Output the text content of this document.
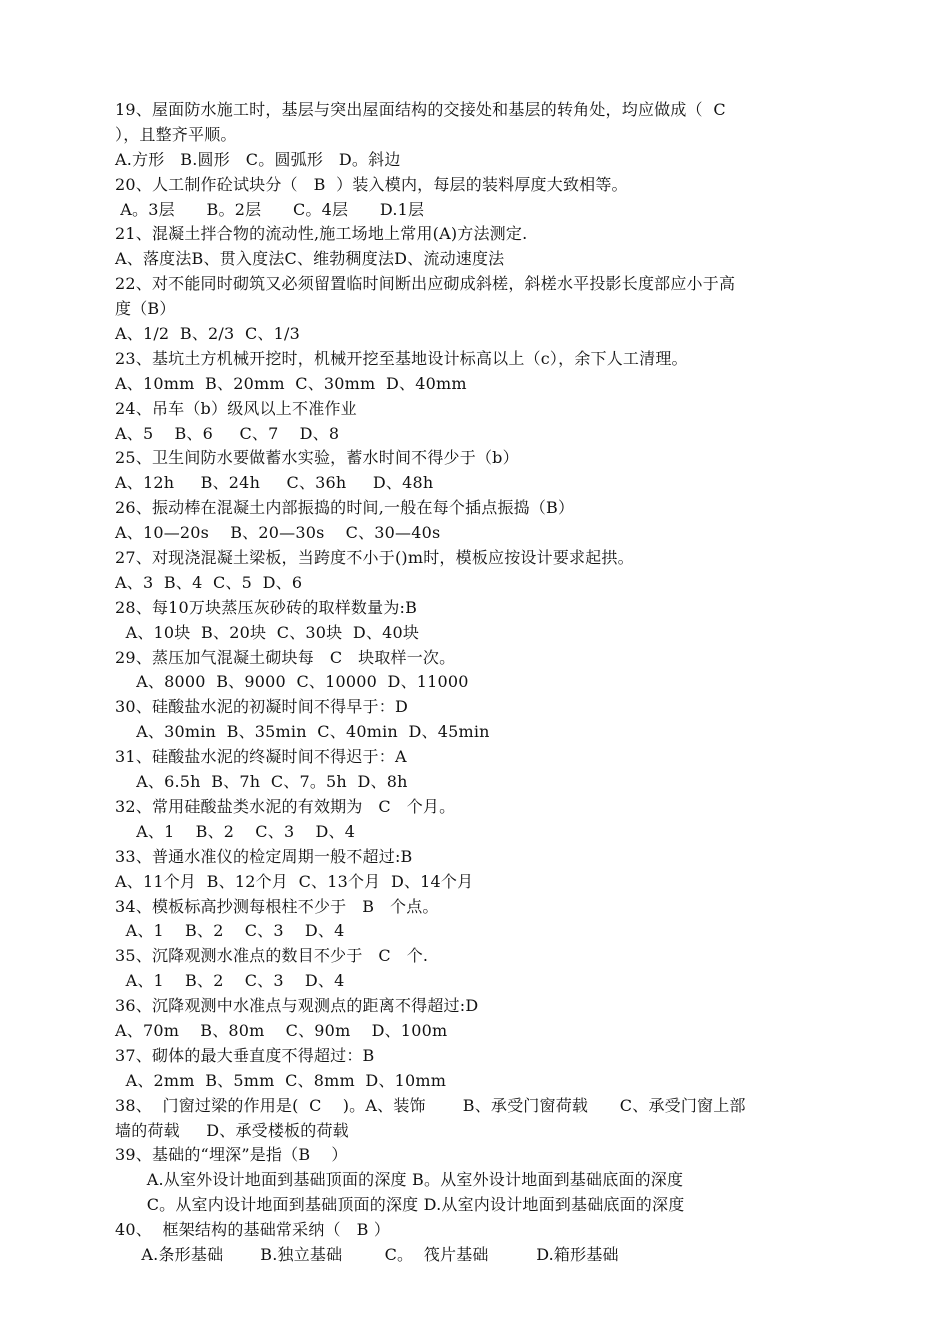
19、屋面防水施工时，基层与突出屋面结构的交接处和基层的转角处，均应做成（  C
），且整齐平顺。
A.方形   B.圆形   C。圆弧形   D。斜边
20、人工制作砼试块分（   B  ）装入模内，每层的装料厚度大致相等。
A。3层      B。2层      C。4层      D.1层
21、混凝土拌合物的流动性,施工场地上常用(A)方法测定.
A、落度法B、贯入度法C、维勃稠度法D、流动速度法
22、对不能同时砌筑又必须留置临时间断出应砌成斜槎，斜槎水平投影长度部应小于高
度（B）
A、1/2  B、2/3  C、1/3
23、基坑土方机械开挖时，机械开挖至基地设计标高以上（c），余下人工清理。
A、10mm  B、20mm  C、30mm  D、40mm
24、吊车（b）级风以上不准作业
A、5    B、6     C、7    D、8
25、卫生间防水要做蓄水实验，蓄水时间不得少于（b）
A、12h     B、24h     C、36h     D、48h
26、振动棒在混凝土内部振捣的时间,一般在每个插点振捣（B）
A、10—20s    B、20—30s    C、30—40s
27、对现浇混凝土梁板，当跨度不小于()m时，模板应按设计要求起拱。
A、3  B、4  C、5  D、6
28、每10万块蒸压灰砂砖的取样数量为:B
A、10块  B、20块  C、30块  D、40块
29、蒸压加气混凝土砌块每   C   块取样一次。
A、8000  B、9000  C、10000  D、11000
30、硅酸盐水泥的初凝时间不得早于：D
A、30min  B、35min  C、40min  D、45min
31、硅酸盐水泥的终凝时间不得迟于：A
A、6.5h  B、7h  C、7。5h  D、8h
32、常用硅酸盐类水泥的有效期为   C   个月。
A、1    B、2    C、3    D、4
33、普通水准仪的检定周期一般不超过:B
A、11个月  B、12个月  C、13个月  D、14个月
34、模板标高抄测每根柱不少于   B   个点。
A、1    B、2    C、3    D、4
35、沉降观测水准点的数目不少于   C   个.
A、1    B、2    C、3    D、4
36、沉降观测中水准点与观测点的距离不得超过:D
A、70m    B、80m    C、90m    D、100m
37、砌体的最大垂直度不得超过：B
A、2mm  B、5mm  C、8mm  D、10mm
38、  门窗过梁的作用是(  C    )。A、装饰       B、承受门窗荷载      C、承受门窗上部
墙的荷载     D、承受楼板的荷载
39、基础的“埋深”是指（B    ）
A.从室外设计地面到基础顶面的深度 B。从室外设计地面到基础底面的深度
C。从室内设计地面到基础顶面的深度 D.从室内设计地面到基础底面的深度
40、  框架结构的基础常采纳（   B ）
A.条形基础       B.独立基础        C。  筏片基础         D.箱形基础
